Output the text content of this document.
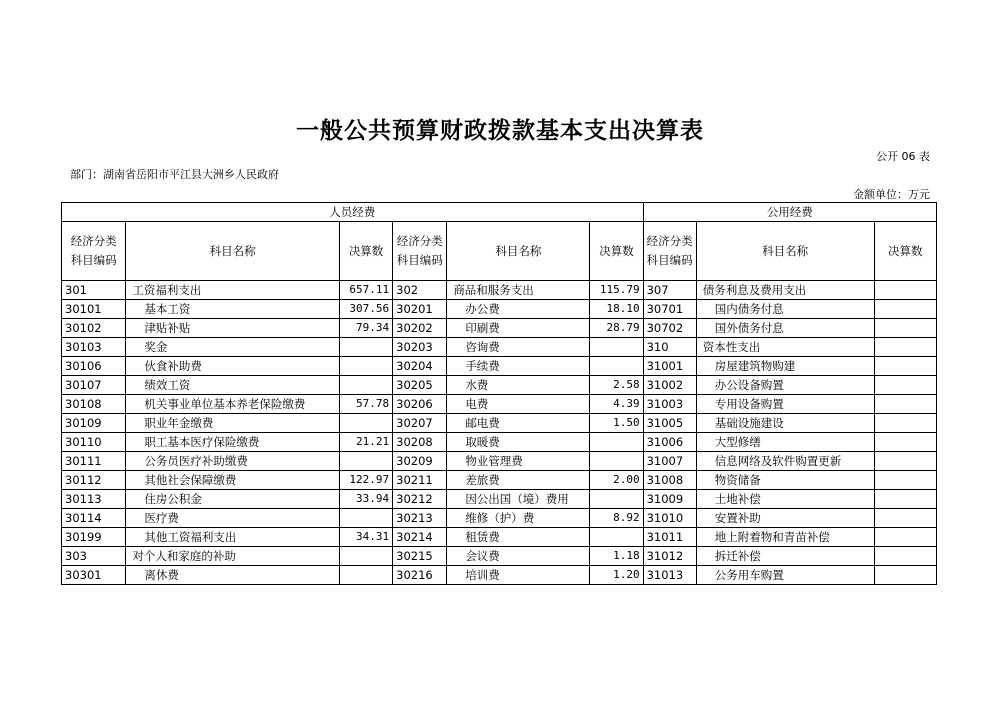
一般公共预算财政拨款基本支出决算表
公开 06 表
部门：湖南省岳阳市平江县大洲乡人民政府
金额单位：万元
人员经费						公用经费		
经济分类科目编码	科目名称	决算数	经济分类科目编码	科目名称	决算数	经济分类科目编码	科目名称	决算数
301	工资福利支出	657.11	302	商品和服务支出	115.79	307	债务利息及费用支出	
30101	基本工资	307.56	30201	办公费	18.10	30701	国内债务付息	
30102	津贴补贴	79.34	30202	印刷费	28.79	30702	国外债务付息	
30103	奖金		30203	咨询费		310	资本性支出	
30106	伙食补助费		30204	手续费		31001	房屋建筑物购建	
30107	绩效工资		30205	水费	2.58	31002	办公设备购置	
30108	机关事业单位基本养老保险缴费	57.78	30206	电费	4.39	31003	专用设备购置	
30109	职业年金缴费		30207	邮电费	1.50	31005	基础设施建设	
30110	职工基本医疗保险缴费	21.21	30208	取暖费		31006	大型修缮	
30111	公务员医疗补助缴费		30209	物业管理费		31007	信息网络及软件购置更新	
30112	其他社会保障缴费	122.97	30211	差旅费	2.00	31008	物资储备	
30113	住房公积金	33.94	30212	因公出国（境）费用		31009	土地补偿	
30114	医疗费		30213	维修（护）费	8.92	31010	安置补助	
30199	其他工资福利支出	34.31	30214	租赁费		31011	地上附着物和青苗补偿	
303	对个人和家庭的补助		30215	会议费	1.18	31012	拆迁补偿	
30301	离休费		30216	培训费	1.20	31013	公务用车购置	
